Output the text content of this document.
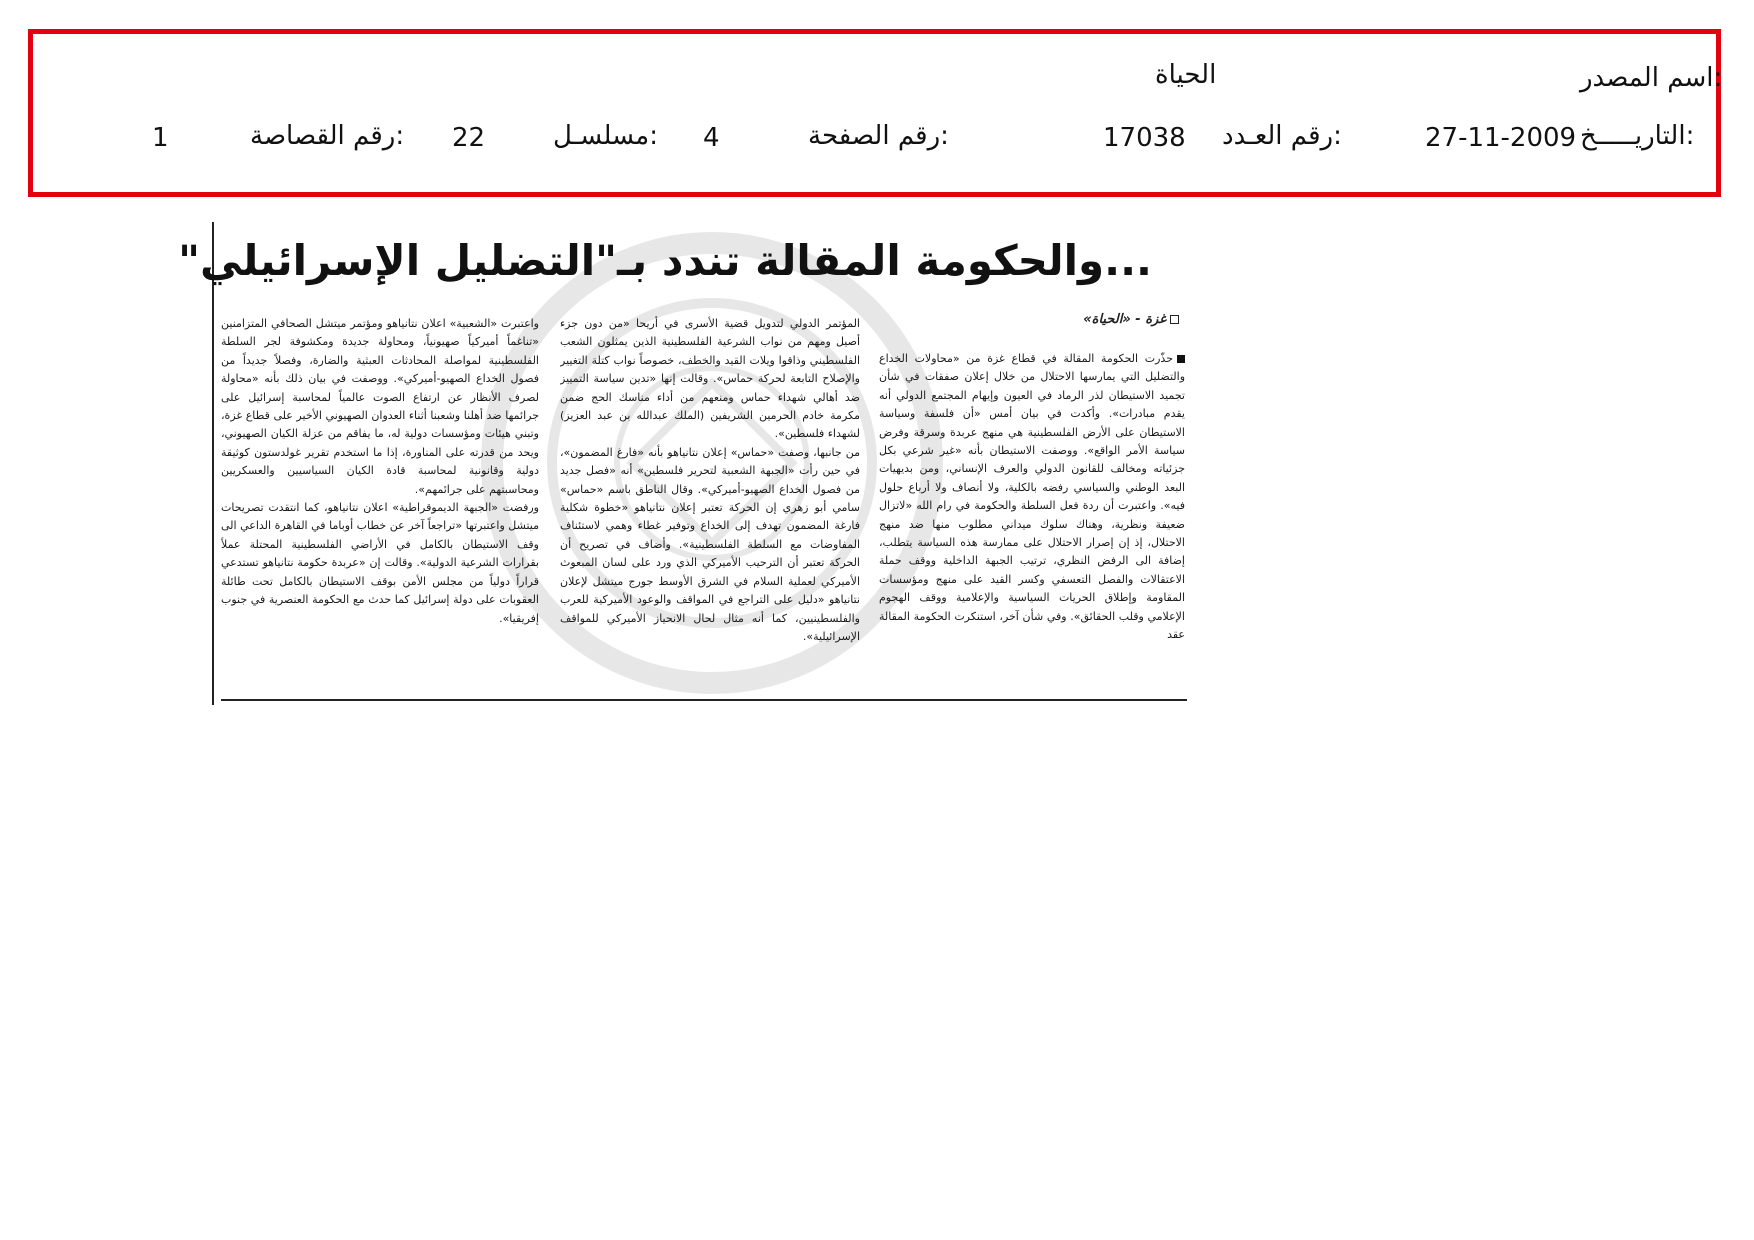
اسم المصدر:
الحياة
التاريـــــخ:
27-11-2009
رقم العـدد:
17038
رقم الصفحة:
4
مسلسـل:
22
رقم القصاصة:
1
...والحكومة المقالة تندد بـ"التضليل الإسرائيلي"
غزة - «الحياة»

حذّرت الحكومة المقالة في قطاع غزة من «محاولات الخداع والتضليل التي يمارسها الاحتلال من خلال إعلان صفقات في شأن تجميد الاستيطان لذر الرماد في العيون وإيهام المجتمع الدولي أنه يقدم مبادرات». وأكدت في بيان أمس «أن فلسفة وسياسة الاستيطان على الأرض الفلسطينية هي منهج عربدة وسرقة وفرض سياسة الأمر الواقع». ووصفت الاستيطان بأنه «غير شرعي بكل جزئياته ومخالف للقانون الدولي والعرف الإنساني، ومن بديهيات البعد الوطني والسياسي رفضه بالكلية، ولا أنصاف ولا أرباع حلول فيه». واعتبرت أن ردة فعل السلطة والحكومة في رام الله «لاتزال ضعيفة ونظرية، وهناك سلوك ميداني مطلوب منها ضد منهج الاحتلال، إذ إن إصرار الاحتلال على ممارسة هذه السياسة يتطلب، إضافة الى الرفض النظري، ترتيب الجبهة الداخلية ووقف حملة الاعتقالات والفصل التعسفي وكسر القيد على منهج ومؤسسات المقاومة وإطلاق الحريات السياسية والإعلامية ووقف الهجوم الإعلامي وقلب الحقائق». وفي شأن آخر، استنكرت الحكومة المقالة عقد

المؤتمر الدولي لتدويل قضية الأسرى في أريحا «من دون جزء أصيل ومهم من نواب الشرعية الفلسطينية الذين يمثلون الشعب الفلسطيني وذاقوا ويلات القيد والخطف، خصوصاً نواب كتلة التغيير والإصلاح التابعة لحركة حماس». وقالت إنها «تدين سياسة التمييز ضد أهالي شهداء حماس ومنعهم من أداء مناسك الحج ضمن مكرمة خادم الحرمين الشريفين (الملك عبدالله بن عبد العزيز) لشهداء فلسطين».

من جانبها، وصفت «حماس» إعلان نتانياهو بأنه «فارغ المضمون»، في حين رأت «الجبهة الشعبية لتحرير فلسطين» أنه «فصل جديد من فصول الخداع الصهيو-أميركي». وقال الناطق باسم «حماس» سامي أبو زهري إن الحركة تعتبر إعلان نتانياهو «خطوة شكلية فارغة المضمون تهدف إلى الخداع وتوفير غطاء وهمي لاستئناف المفاوضات مع السلطة الفلسطينية». وأضاف في تصريح أن الحركة تعتبر أن الترحيب الأميركي الذي ورد على لسان المبعوث الأميركي لعملية السلام في الشرق الأوسط جورج ميتشل لإعلان نتانياهو «دليل على التراجع في المواقف والوعود الأميركية للعرب والفلسطينيين، كما أنه مثال لحال الانحياز الأميركي للمواقف الإسرائيلية».

واعتبرت «الشعبية» اعلان نتانياهو ومؤتمر ميتشل الصحافي المتزامنين «تناغماً أميركياً صهيونياً، ومحاولة جديدة ومكشوفة لجر السلطة الفلسطينية لمواصلة المحادثات العبثية والضارة، وفصلاً جديداً من فصول الخداع الصهيو-أميركي». ووصفت في بيان ذلك بأنه «محاولة لصرف الأنظار عن ارتفاع الصوت عالمياً لمحاسبة إسرائيل على جرائمها ضد أهلنا وشعبنا أثناء العدوان الصهيوني الأخير على قطاع غزة، وتبني هيئات ومؤسسات دولية له، ما يفاقم من عزلة الكيان الصهيوني، ويحد من قدرته على المناورة، إذا ما استخدم تقرير غولدستون كوثيقة دولية وقانونية لمحاسبة قادة الكيان السياسيين والعسكريين ومحاسبتهم على جرائمهم».

ورفضت «الجبهة الديموقراطية» اعلان نتانياهو، كما انتقدت تصريحات ميتشل واعتبرتها «تراجعاً آخر عن خطاب أوباما في القاهرة الداعي الى وقف الاستيطان بالكامل في الأراضي الفلسطينية المحتلة عملاً بقرارات الشرعية الدولية». وقالت إن «عربدة حكومة نتانياهو تستدعي قراراً دولياً من مجلس الأمن بوقف الاستيطان بالكامل تحت طائلة العقوبات على دولة إسرائيل كما حدث مع الحكومة العنصرية في جنوب إفريقيا».
